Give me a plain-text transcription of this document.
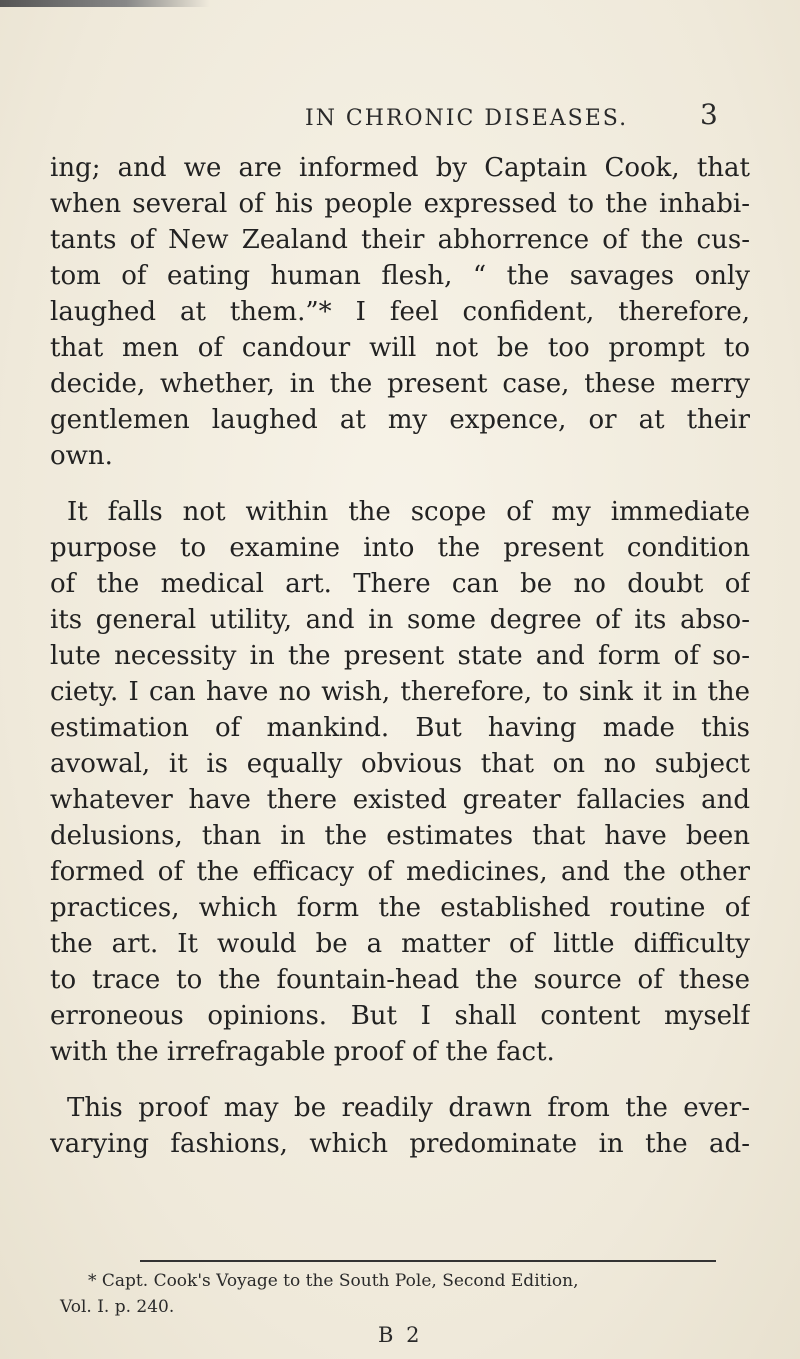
IN CHRONIC DISEASES.	3
ing; and we are informed by Captain Cook, that
when several of his people expressed to the inhabi-
tants of New Zealand their abhorrence of the cus-
tom of eating human flesh, “ the savages only
laughed at them.”* I feel confident, therefore,
that men of candour will not be too prompt to
decide, whether, in the present case, these merry
gentlemen laughed at my expence, or at their
own.
It falls not within the scope of my immediate
purpose to examine into the present condition
of the medical art. There can be no doubt of
its general utility, and in some degree of its abso-
lute necessity in the present state and form of so-
ciety. I can have no wish, therefore, to sink it in the
estimation of mankind. But having made this
avowal, it is equally obvious that on no subject
whatever have there existed greater fallacies and
delusions, than in the estimates that have been
formed of the efficacy of medicines, and the other
practices, which form the established routine of
the art. It would be a matter of little difficulty
to trace to the fountain-head the source of these
erroneous opinions. But I shall content myself
with the irrefragable proof of the fact.
This proof may be readily drawn from the ever-
varying fashions, which predominate in the ad-
* Capt. Cook's Voyage to the South Pole, Second Edition,
Vol. I. p. 240.
B 2
